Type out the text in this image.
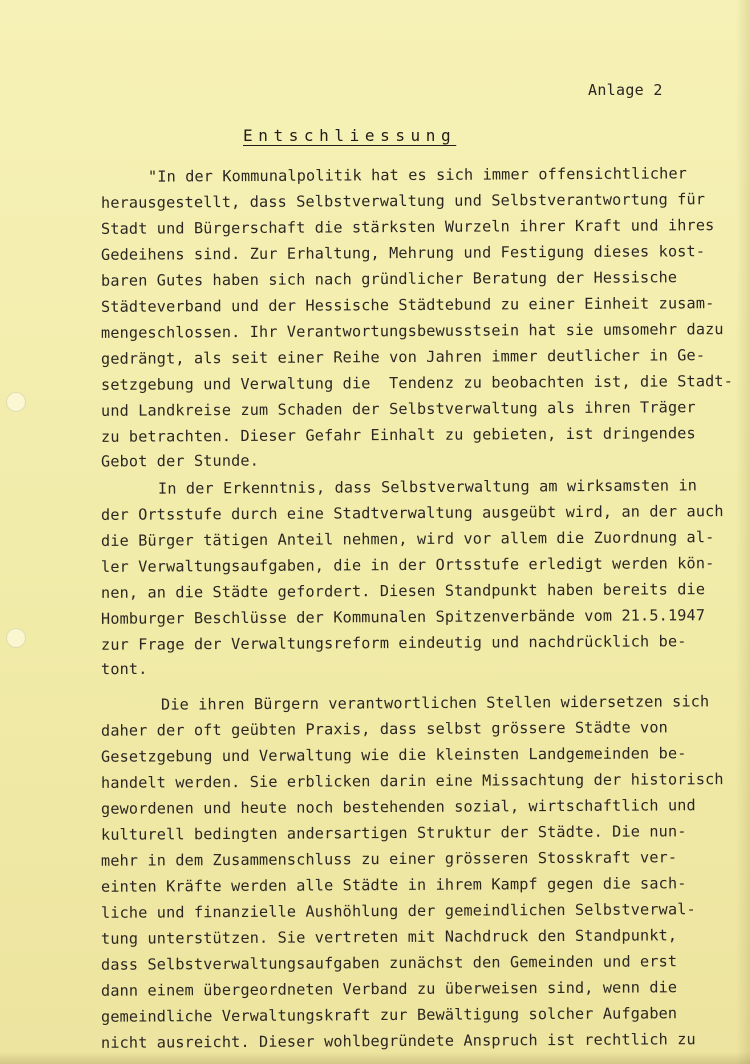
Anlage 2
Entschliessung
"In der Kommunalpolitik hat es sich immer offensichtlicher
herausgestellt, dass Selbstverwaltung und Selbstverantwortung für
Stadt und Bürgerschaft die stärksten Wurzeln ihrer Kraft und ihres
Gedeihens sind. Zur Erhaltung, Mehrung und Festigung dieses kost-
baren Gutes haben sich nach gründlicher Beratung der Hessische
Städteverband und der Hessische Städtebund zu einer Einheit zusam-
mengeschlossen. Ihr Verantwortungsbewusstsein hat sie umsomehr dazu
gedrängt, als seit einer Reihe von Jahren immer deutlicher in Ge-
setzgebung und Verwaltung die  Tendenz zu beobachten ist, die Stadt-
und Landkreise zum Schaden der Selbstverwaltung als ihren Träger
zu betrachten. Dieser Gefahr Einhalt zu gebieten, ist dringendes
Gebot der Stunde.
In der Erkenntnis, dass Selbstverwaltung am wirksamsten in
der Ortsstufe durch eine Stadtverwaltung ausgeübt wird, an der auch
die Bürger tätigen Anteil nehmen, wird vor allem die Zuordnung al-
ler Verwaltungsaufgaben, die in der Ortsstufe erledigt werden kön-
nen, an die Städte gefordert. Diesen Standpunkt haben bereits die
Homburger Beschlüsse der Kommunalen Spitzenverbände vom 21.5.1947
zur Frage der Verwaltungsreform eindeutig und nachdrücklich be-
tont.
Die ihren Bürgern verantwortlichen Stellen widersetzen sich
daher der oft geübten Praxis, dass selbst grössere Städte von
Gesetzgebung und Verwaltung wie die kleinsten Landgemeinden be-
handelt werden. Sie erblicken darin eine Missachtung der historisch
gewordenen und heute noch bestehenden sozial, wirtschaftlich und
kulturell bedingten andersartigen Struktur der Städte. Die nun-
mehr in dem Zusammenschluss zu einer grösseren Stosskraft ver-
einten Kräfte werden alle Städte in ihrem Kampf gegen die sach-
liche und finanzielle Aushöhlung der gemeindlichen Selbstverwal-
tung unterstützen. Sie vertreten mit Nachdruck den Standpunkt,
dass Selbstverwaltungsaufgaben zunächst den Gemeinden und erst
dann einem übergeordneten Verband zu überweisen sind, wenn die
gemeindliche Verwaltungskraft zur Bewältigung solcher Aufgaben
nicht ausreicht. Dieser wohlbegründete Anspruch ist rechtlich zu
